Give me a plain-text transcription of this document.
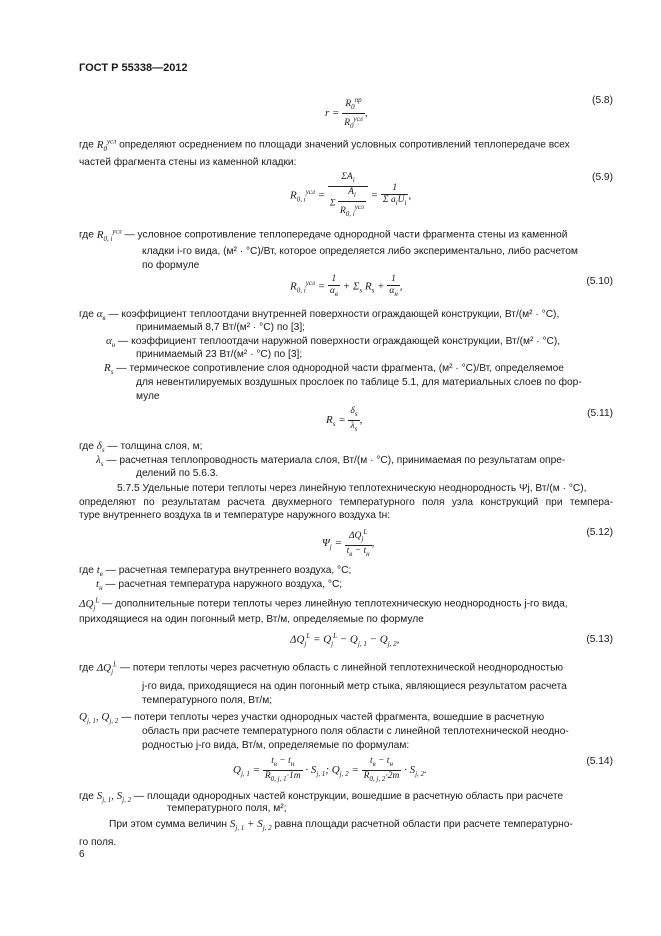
ГОСТ Р 55338—2012
$r = \frac{R_0^{пр}}{R_0^{усл}}$ ,
(5.8)
где $R_0^{усл}$ определяют осреднением по площади значений условных сопротивлений теплопередаче всех
частей фрагмента стены из каменной кладки:
$R_{0, i}^{усл} = \frac{\Sigma A_i}{\Sigma \frac{A_i}{R_{0, i}^{усл}}} = \frac{1}{\Sigma a_iU_i}$ ,
(5.9)
где $R_{0, i}^{усл}$ — условное сопротивление теплопередаче однородной части фрагмента стены из каменной
кладки i-го вида, (м² · °С)/Вт, которое определяется либо экспериментально, либо расчетом
по формуле
$R_{0, i}^{усл} = \frac{1}{\alpha_в} + \Sigma_s$ $R_s + \frac{1}{\alpha_н}$ ,	(5.10)
где $\alpha_в$ — коэффициент теплоотдачи внутренней поверхности ограждающей конструкции, Вт/(м² · °С),
принимаемый 8,7 Вт/(м² · °С) по [3];
$\alpha_н$ — коэффициент теплоотдачи наружной поверхности ограждающей конструкции, Вт/(м² · °С),
принимаемый 23 Вт/(м² · °С) по [3];
$R_s$ — термическое сопротивление слоя однородной части фрагмента, (м² · °С)/Вт, определяемое
для невентилируемых воздушных прослоек по таблице 5.1, для материальных слоев по фор-
муле
$R_s = \frac{\delta_s}{\lambda_s}$ ,
(5.11)
где $\delta_s$ — толщина слоя, м;
$\lambda_s$ — расчетная теплопроводность материала слоя, Вт/(м · °С), принимаемая по результатам опре-
делений по 5.6.3.
5.7.5 Удельные потери теплоты через линейную теплотехническую неоднородность Ψj, Вт/(м · °С),
определяют по результатам расчета двухмерного температурного поля узла конструкций при темпера-
туре внутреннего воздуха tв и температуре наружного воздуха tн:
$\Psi_j = \frac{\Delta Q_j^L}{t_в - t_н}$ ,
(5.12)
где $t_в$ — расчетная температура внутреннего воздуха, °С;
$t_н$ — расчетная температура наружного воздуха, °С;
$\Delta Q_j^L$ — дополнительные потери теплоты через линейную теплотехническую неоднородность j-го вида,
приходящиеся на один погонный метр, Вт/м, определяемые по формуле
$\Delta Q_j^L = Q_j^L - Q_{j, 1} - Q_{j, 2}$,	(5.13)
где $\Delta Q_j^L$ — потери теплоты через расчетную область с линейной теплотехнической неоднородностью
j-го вида, приходящиеся на один погонный метр стыка, являющиеся результатом расчета
температурного поля, Вт/м;
$Q_{j, 1}$, $Q_{j, 2}$ — потери теплоты через участки однородных частей фрагмента, вошедшие в расчетную
область при расчете температурного поля области с линейной теплотехнической неодно-
родностью j-го вида, Вт/м, определяемые по формулам:
$Q_{j, 1} = \frac{t_в - t_н}{R_{0, j, 1}\cdot 1m} \cdot S_{j, 1}$; $Q_{j, 2} = \frac{t_в - t_н}{R_{0, j, 2}\cdot 2m} \cdot S_{j, 2}$.
(5.14)
где $S_{j, 1}$, $S_{j, 2}$ — площади однородных частей конструкции, вошедшие в расчетную область при расчете
температурного поля, м²;
При этом сумма величин $S_{j, 1} + S_{j, 2}$ равна площади расчетной области при расчете температурно-
го поля.
6
